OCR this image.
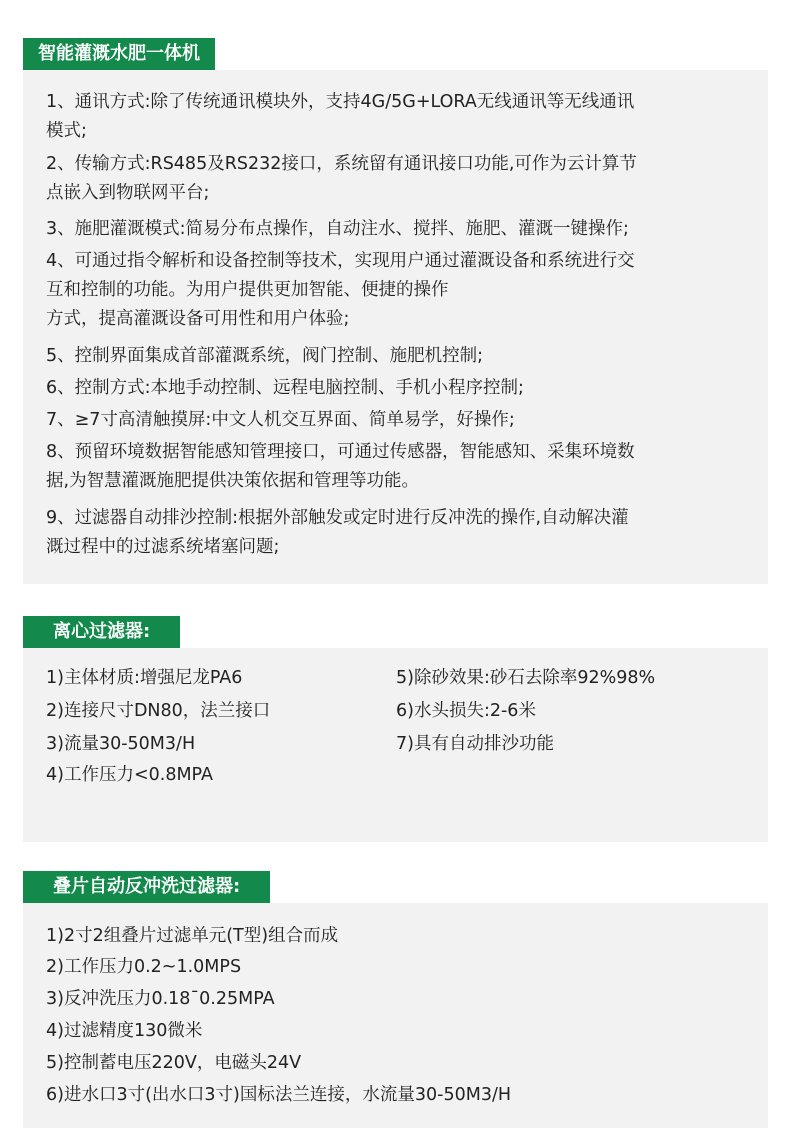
智能灌溉水肥一体机
1、通讯方式:除了传统通讯模块外，支持4G/5G+LORA无线通讯等无线通讯
模式;
2、传输方式:RS485及RS232接口，系统留有通讯接口功能,可作为云计算节
点嵌入到物联网平台;
3、施肥灌溉模式:简易分布点操作，自动注水、搅拌、施肥、灌溉一键操作;
4、可通过指令解析和设备控制等技术，实现用户通过灌溉设备和系统进行交
互和控制的功能。为用户提供更加智能、便捷的操作
方式，提高灌溉设备可用性和用户体验;
5、控制界面集成首部灌溉系统，阀门控制、施肥机控制;
6、控制方式:本地手动控制、远程电脑控制、手机小程序控制;
7、≥7寸高清触摸屏:中文人机交互界面、简单易学，好操作;
8、预留环境数据智能感知管理接口，可通过传感器，智能感知、采集环境数
据,为智慧灌溉施肥提供决策依据和管理等功能。
9、过滤器自动排沙控制:根据外部触发或定时进行反冲洗的操作,自动解决灌
溉过程中的过滤系统堵塞问题;
离心过滤器:
1)主体材质:增强尼龙PA6
2)连接尺寸DN80，法兰接口
3)流量30-50M3/H
4)工作压力<0.8MPA
5)除砂效果:砂石去除率92%98%
6)水头损失:2-6米
7)具有自动排沙功能
叠片自动反冲洗过滤器:
1)2寸2组叠片过滤单元(T型)组合而成
2)工作压力0.2~1.0MPS
3)反冲洗压力0.18¯0.25MPA
4)过滤精度130微米
5)控制蓄电压220V，电磁头24V
6)进水口3寸(出水口3寸)国标法兰连接，水流量30-50M3/H
